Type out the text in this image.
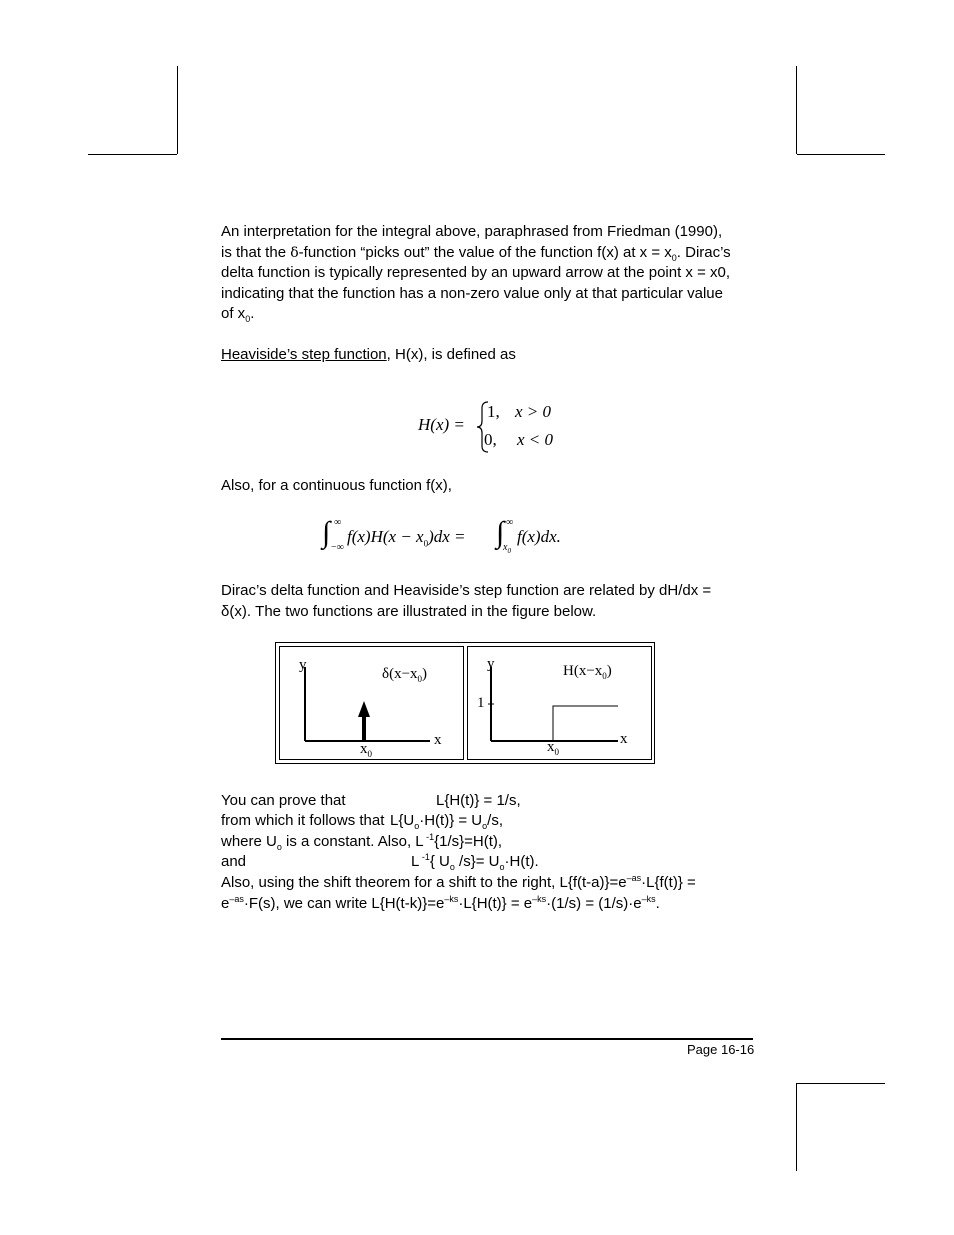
An interpretation for the integral above, paraphrased from Friedman (1990),
is that the δ-function “picks out” the value of the function f(x) at $x = x_0$. Dirac’s
delta function is typically represented by an upward arrow at the point x = x0,
indicating that the function has a non-zero value only at that particular value
of $x_0$.
Heaviside’s step function, H(x), is defined as
H(x) =
1, x > 0
0, x < 0
Also, for a continuous function f(x),
∫ ∞
−∞
$f(x)H(x - x_0)dx$ = ∫ ∞
$x_0$
f(x)dx.
Dirac’s delta function and Heaviside’s step function are related by dH/dx =
δ(x). The two functions are illustrated in the figure below.
y
$\delta(x-x_0)$
x
$x_0$
y
1
$H(x-x_0)$
x
$x_0$
You can prove that	L{H(t)} = 1/s,
from which it follows that $L\{U_o\cdot H(t)\} = U_o/s$,
where $U_o$ is a constant. Also, L $^{-1}${1/s}=H(t),
and	L $^{-1}${ $U_o$ $/s\}= U_o\cdot H(t)$.
Also, using the shift theorem for a shift to the right, $L\{f(t-a)\}=e^{-as}\cdot L\{f(t)\}$ =
$e^{-as}\cdot F(s)$, we can write $L\{H(t-k)\}=e^{-ks}\cdot L\{H(t)\} = e^{-ks}\cdot(1/s) = (1/s)\cdot e^{-ks}$.
Page 16-16
